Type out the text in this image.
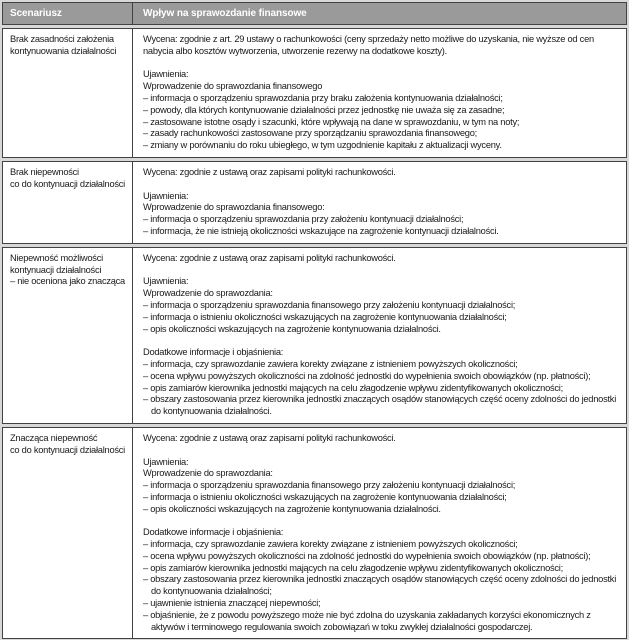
Scenariusz	Wpływ na sprawozdanie finansowe
Brak zasadności założenia
kontynuowania działalności
Wycena: zgodnie z art. 29 ustawy o rachunkowości (ceny sprzedaży netto możliwe do uzyskania, nie wyższe od cen nabycia albo kosztów wytworzenia, utworzenie rezerwy na dodatkowe koszty).

Ujawnienia:
Wprowadzenie do sprawozdania finansowego
– informacja o sporządzeniu sprawozdania przy braku założenia kontynuowania działalności;
– powody, dla których kontynuowanie działalności przez jednostkę nie uważa się za zasadne;
– zastosowane istotne osądy i szacunki, które wpływają na dane w sprawozdaniu, w tym na noty;
– zasady rachunkowości zastosowane przy sporządzaniu sprawozdania finansowego;
– zmiany w porównaniu do roku ubiegłego, w tym uzgodnienie kapitału z aktualizacji wyceny.
Brak niepewności
co do kontynuacji działalności
Wycena: zgodnie z ustawą oraz zapisami polityki rachunkowości.

Ujawnienia:
Wprowadzenie do sprawozdania finansowego:
– informacja o sporządzeniu sprawozdania przy założeniu kontynuacji działalności;
– informacja, że nie istnieją okoliczności wskazujące na zagrożenie kontynuacji działalności.
Niepewność możliwości
kontynuacji działalności
– nie oceniona jako znacząca
Wycena: zgodnie z ustawą oraz zapisami polityki rachunkowości.

Ujawnienia:
Wprowadzenie do sprawozdania:
– informacja o sporządzeniu sprawozdania finansowego przy założeniu kontynuacji działalności;
– informacja o istnieniu okoliczności wskazujących na zagrożenie kontynuowania działalności;
– opis okoliczności wskazujących na zagrożenie kontynuowania działalności.

Dodatkowe informacje i objaśnienia:
– informacja, czy sprawozdanie zawiera korekty związane z istnieniem powyższych okoliczności;
– ocena wpływu powyższych okoliczności na zdolność jednostki do wypełnienia swoich obowiązków (np. płatności);
– opis zamiarów kierownika jednostki mających na celu złagodzenie wpływu zidentyfikowanych okoliczności;
– obszary zastosowania przez kierownika jednostki znaczących osądów stanowiących część oceny zdolności do jednostki do kontynuowania działalności.
Znacząca niepewność
co do kontynuacji działalności
Wycena: zgodnie z ustawą oraz zapisami polityki rachunkowości.

Ujawnienia:
Wprowadzenie do sprawozdania:
– informacja o sporządzeniu sprawozdania finansowego przy założeniu kontynuacji działalności;
– informacja o istnieniu okoliczności wskazujących na zagrożenie kontynuowania działalności;
– opis okoliczności wskazujących na zagrożenie kontynuowania działalności.

Dodatkowe informacje i objaśnienia:
– informacja, czy sprawozdanie zawiera korekty związane z istnieniem powyższych okoliczności;
– ocena wpływu powyższych okoliczności na zdolność jednostki do wypełnienia swoich obowiązków (np. płatności);
– opis zamiarów kierownika jednostki mających na celu złagodzenie wpływu zidentyfikowanych okoliczności;
– obszary zastosowania przez kierownika jednostki znaczących osądów stanowiących część oceny zdolności do jednostki do kontynuowania działalności;
– ujawnienie istnienia znaczącej niepewności;
– objaśnienie, że z powodu powyższego może nie być zdolna do uzyskania zakładanych korzyści ekonomicznych z aktywów i terminowego regulowania swoich zobowiązań w toku zwykłej działalności gospodarczej.
